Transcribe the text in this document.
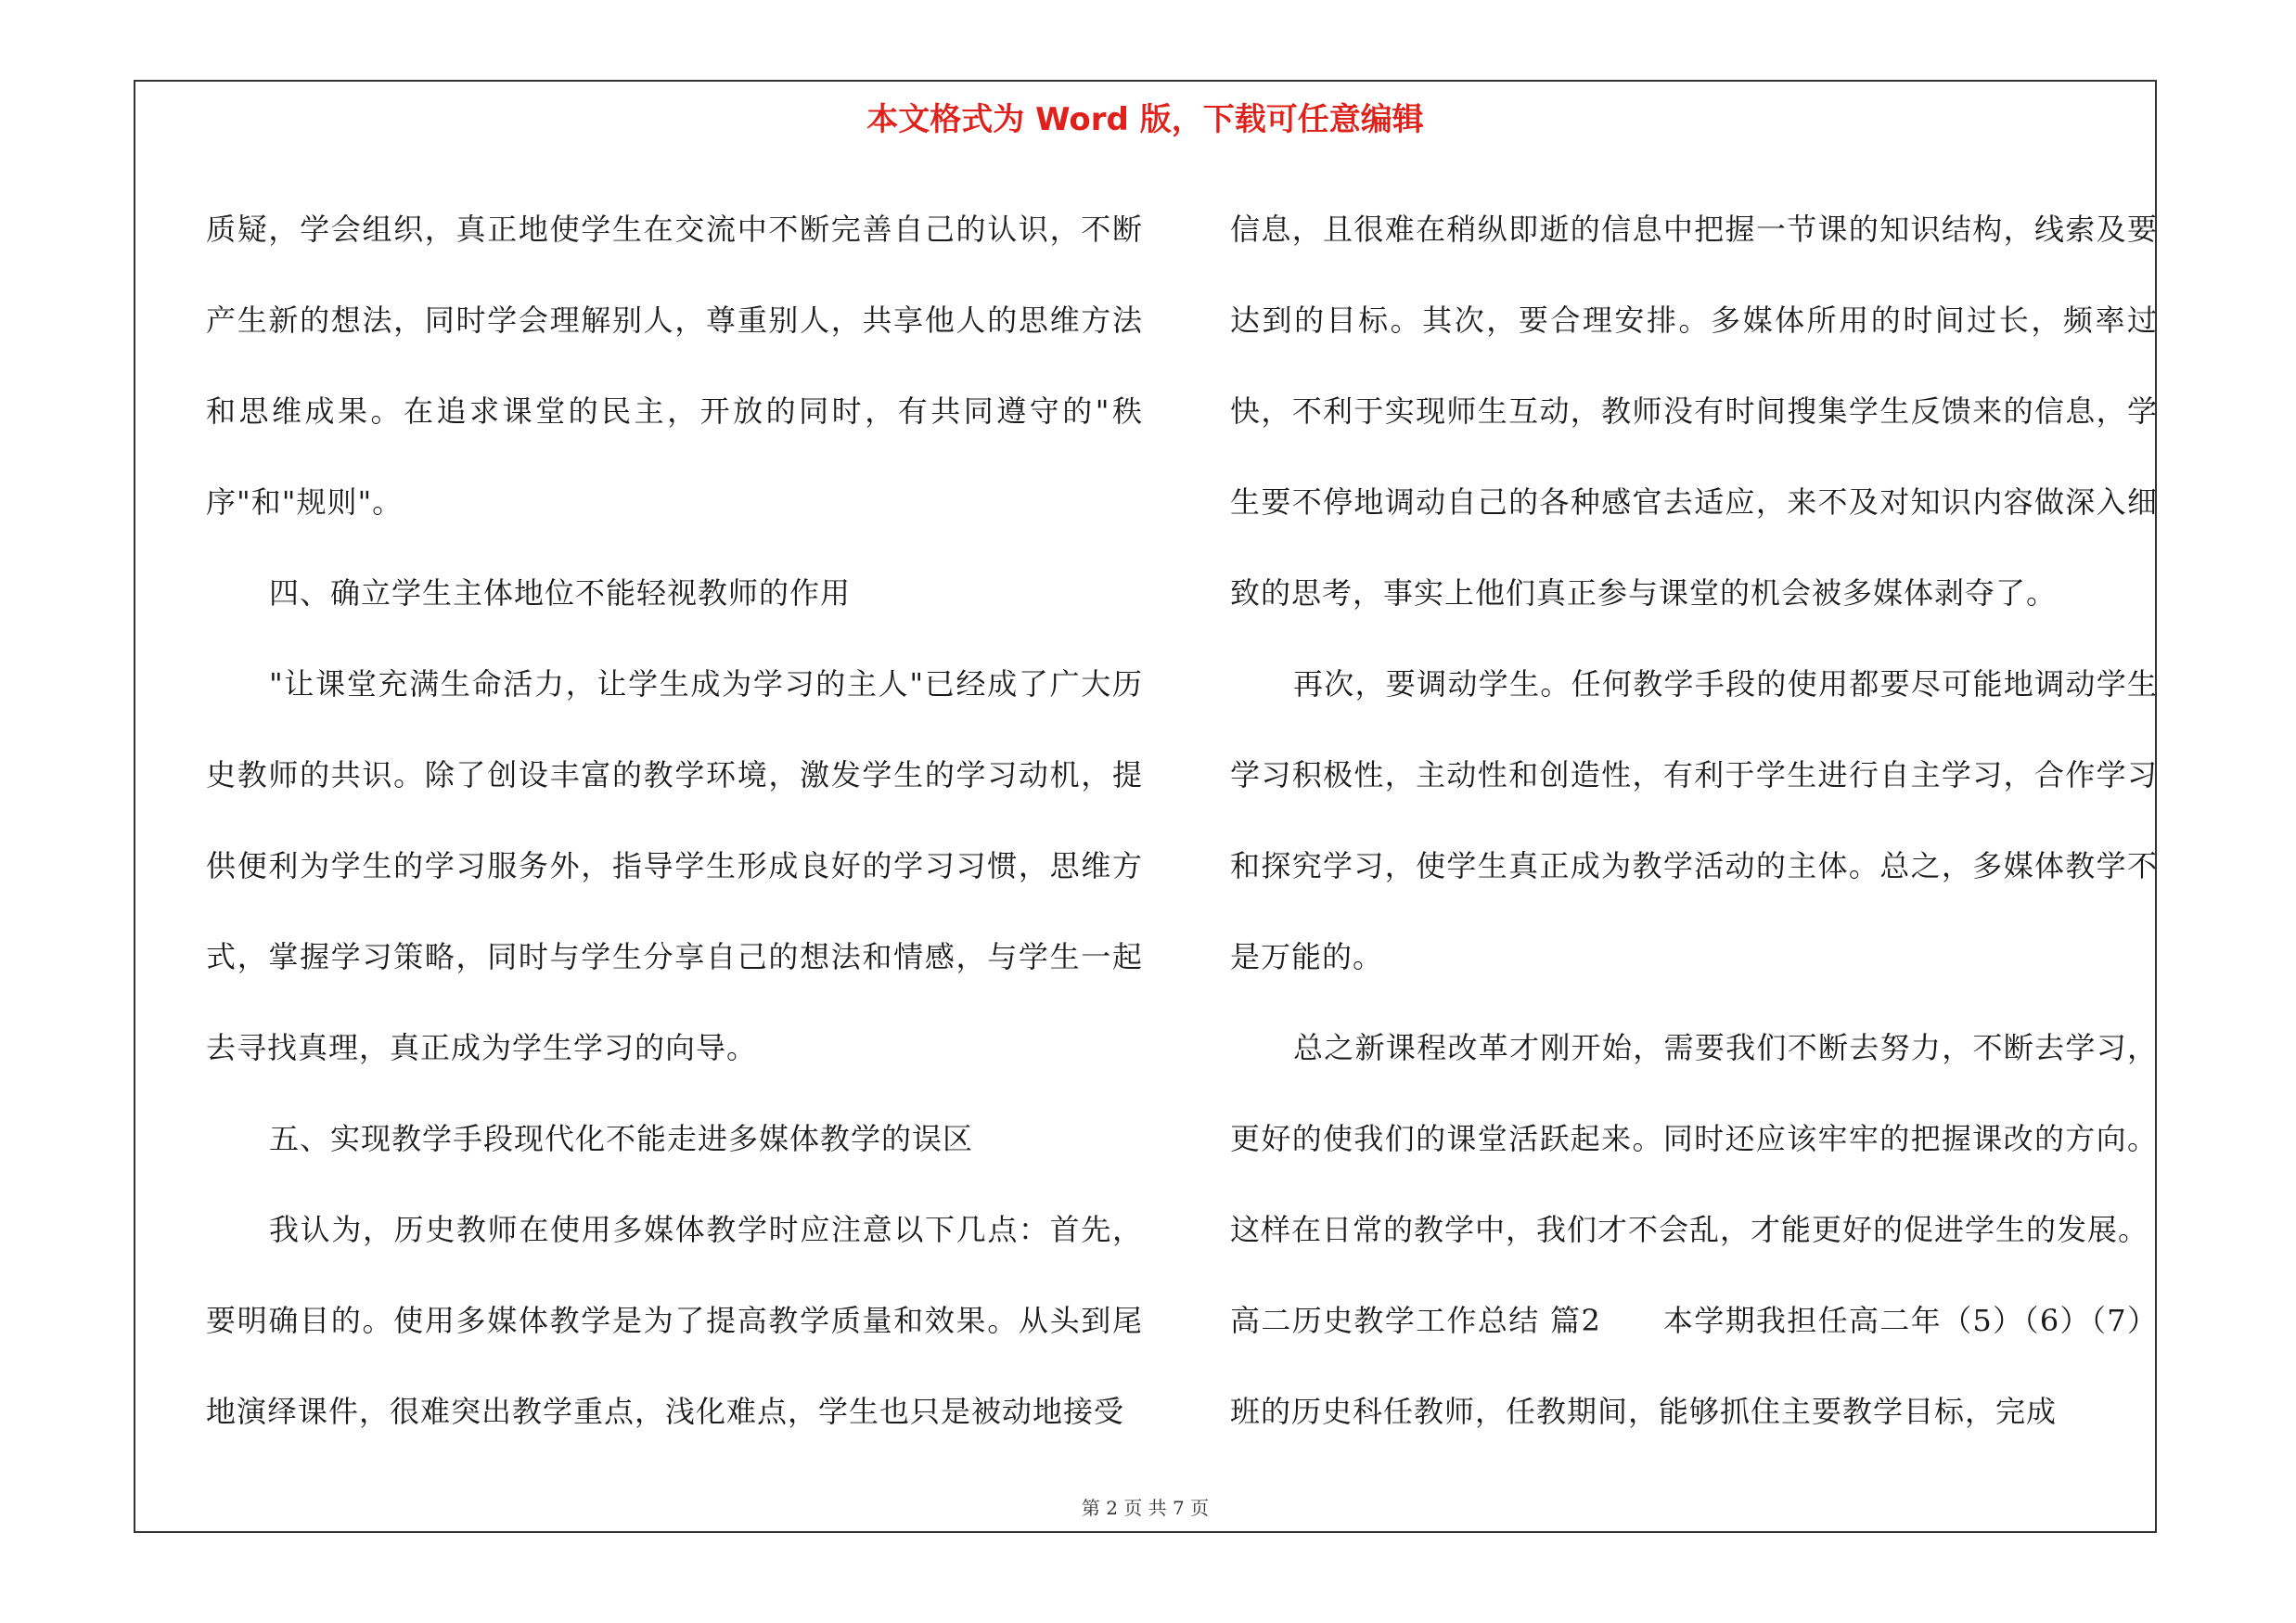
本文格式为 Word 版，下载可任意编辑

质疑，学会组织，真正地使学生在交流中不断完善自己的认识，不断产生新的想法，同时学会理解别人，尊重别人，共享他人的思维方法和思维成果。在追求课堂的民主，开放的同时，有共同遵守的"秩序"和"规则"。

四、确立学生主体地位不能轻视教师的作用

"让课堂充满生命活力，让学生成为学习的主人"已经成了广大历史教师的共识。除了创设丰富的教学环境，激发学生的学习动机，提供便利为学生的学习服务外，指导学生形成良好的学习习惯，思维方式，掌握学习策略，同时与学生分享自己的想法和情感，与学生一起去寻找真理，真正成为学生学习的向导。

五、实现教学手段现代化不能走进多媒体教学的误区

我认为，历史教师在使用多媒体教学时应注意以下几点：首先，要明确目的。使用多媒体教学是为了提高教学质量和效果。从头到尾地演绎课件，很难突出教学重点，浅化难点，学生也只是被动地接受

信息，且很难在稍纵即逝的信息中把握一节课的知识结构，线索及要达到的目标。其次，要合理安排。多媒体所用的时间过长，频率过快，不利于实现师生互动，教师没有时间搜集学生反馈来的信息，学生要不停地调动自己的各种感官去适应，来不及对知识内容做深入细致的思考，事实上他们真正参与课堂的机会被多媒体剥夺了。

再次，要调动学生。任何教学手段的使用都要尽可能地调动学生学习积极性，主动性和创造性，有利于学生进行自主学习，合作学习和探究学习，使学生真正成为教学活动的主体。总之，多媒体教学不是万能的。

总之新课程改革才刚开始，需要我们不断去努力，不断去学习，更好的使我们的课堂活跃起来。同时还应该牢牢的把握课改的方向。这样在日常的教学中，我们才不会乱，才能更好的促进学生的发展。

高二历史教学工作总结 篇2　　本学期我担任高二年（5）（6）（7）班的历史科任教师，任教期间，能够抓住主要教学目标，完成

第 2 页 共 7 页
